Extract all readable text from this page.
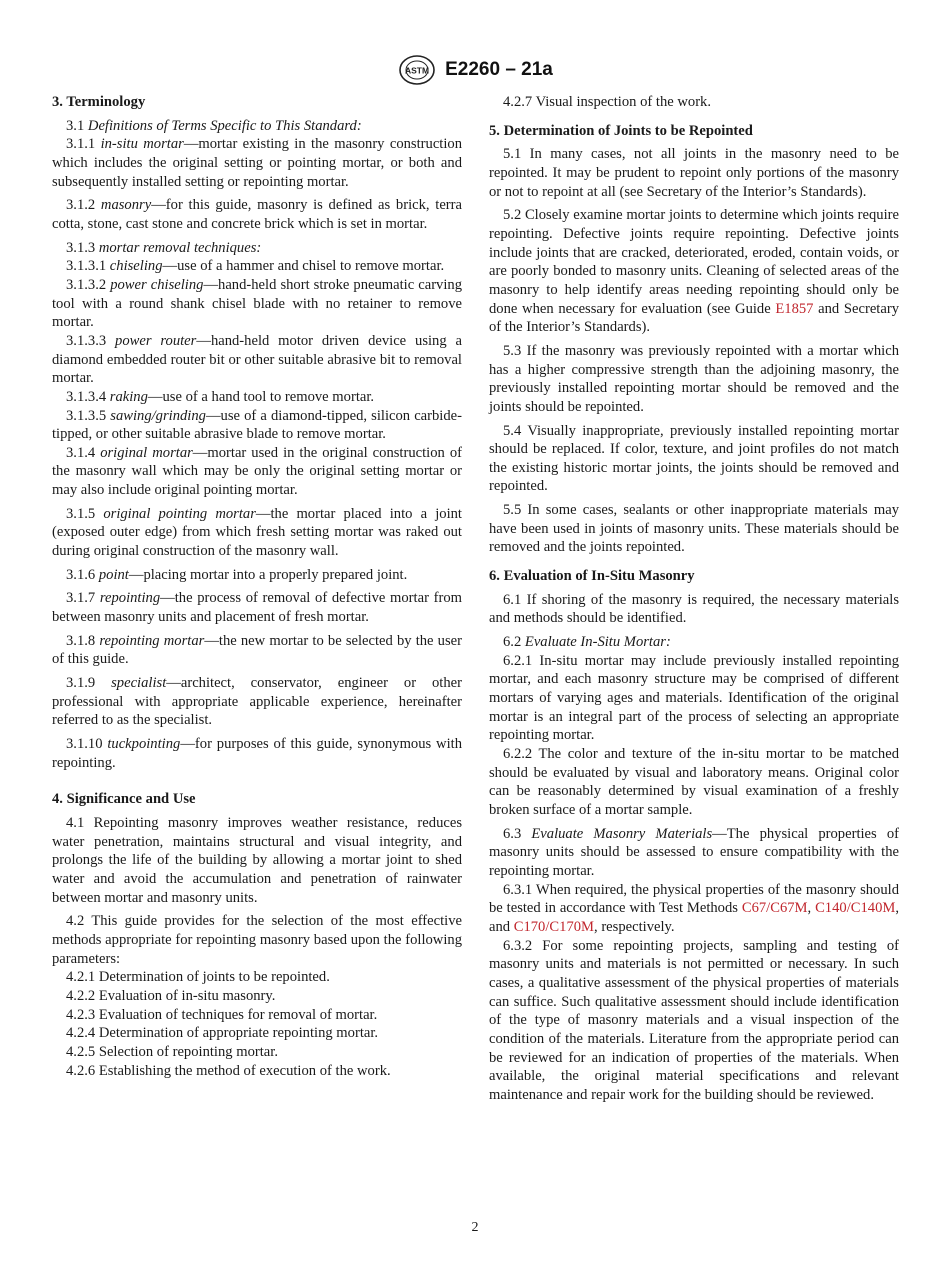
ASTM E2260 – 21a
3. Terminology

3.1 Definitions of Terms Specific to This Standard:

3.1.1 in-situ mortar—mortar existing in the masonry construction which includes the original setting or pointing mortar, or both and subsequently installed setting or repointing mortar.

3.1.2 masonry—for this guide, masonry is defined as brick, terra cotta, stone, cast stone and concrete brick which is set in mortar.

3.1.3 mortar removal techniques:

3.1.3.1 chiseling—use of a hammer and chisel to remove mortar.

3.1.3.2 power chiseling—hand-held short stroke pneumatic carving tool with a round shank chisel blade with no retainer to remove mortar.

3.1.3.3 power router—hand-held motor driven device using a diamond embedded router bit or other suitable abrasive bit to removal mortar.

3.1.3.4 raking—use of a hand tool to remove mortar.

3.1.3.5 sawing/grinding—use of a diamond-tipped, silicon carbide-tipped, or other suitable abrasive blade to remove mortar.

3.1.4 original mortar—mortar used in the original construction of the masonry wall which may be only the original setting mortar or may also include original pointing mortar.

3.1.5 original pointing mortar—the mortar placed into a joint (exposed outer edge) from which fresh setting mortar was raked out during original construction of the masonry wall.

3.1.6 point—placing mortar into a properly prepared joint.

3.1.7 repointing—the process of removal of defective mortar from between masonry units and placement of fresh mortar.

3.1.8 repointing mortar—the new mortar to be selected by the user of this guide.

3.1.9 specialist—architect, conservator, engineer or other professional with appropriate applicable experience, hereinafter referred to as the specialist.

3.1.10 tuckpointing—for purposes of this guide, synonymous with repointing.

4. Significance and Use

4.1 Repointing masonry improves weather resistance, reduces water penetration, maintains structural and visual integrity, and prolongs the life of the building by allowing a mortar joint to shed water and avoid the accumulation and penetration of rainwater between mortar and masonry units.

4.2 This guide provides for the selection of the most effective methods appropriate for repointing masonry based upon the following parameters:

4.2.1 Determination of joints to be repointed.

4.2.2 Evaluation of in-situ masonry.

4.2.3 Evaluation of techniques for removal of mortar.

4.2.4 Determination of appropriate repointing mortar.

4.2.5 Selection of repointing mortar.

4.2.6 Establishing the method of execution of the work.

4.2.7 Visual inspection of the work.

5. Determination of Joints to be Repointed

5.1 In many cases, not all joints in the masonry need to be repointed. It may be prudent to repoint only portions of the masonry or not to repoint at all (see Secretary of the Interior’s Standards).

5.2 Closely examine mortar joints to determine which joints require repointing. Defective joints require repointing. Defective joints include joints that are cracked, deteriorated, eroded, contain voids, or are poorly bonded to masonry units. Cleaning of selected areas of the masonry to help identify areas needing repointing should only be done when necessary for evaluation (see Guide E1857 and Secretary of the Interior’s Standards).

5.3 If the masonry was previously repointed with a mortar which has a higher compressive strength than the adjoining masonry, the previously installed repointing mortar should be removed and the joints should be repointed.

5.4 Visually inappropriate, previously installed repointing mortar should be replaced. If color, texture, and joint profiles do not match the existing historic mortar joints, the joints should be removed and repointed.

5.5 In some cases, sealants or other inappropriate materials may have been used in joints of masonry units. These materials should be removed and the joints repointed.

6. Evaluation of In-Situ Masonry

6.1 If shoring of the masonry is required, the necessary materials and methods should be identified.

6.2 Evaluate In-Situ Mortar:

6.2.1 In-situ mortar may include previously installed repointing mortar, and each masonry structure may be comprised of different mortars of varying ages and materials. Identification of the original mortar is an integral part of the process of selecting an appropriate repointing mortar.

6.2.2 The color and texture of the in-situ mortar to be matched should be evaluated by visual and laboratory means. Original color can be reasonably determined by visual examination of a freshly broken surface of a mortar sample.

6.3 Evaluate Masonry Materials—The physical properties of masonry units should be assessed to ensure compatibility with the repointing mortar.

6.3.1 When required, the physical properties of the masonry should be tested in accordance with Test Methods C67/C67M, C140/C140M, and C170/C170M, respectively.

6.3.2 For some repointing projects, sampling and testing of masonry units and materials is not permitted or necessary. In such cases, a qualitative assessment of the physical properties of materials can suffice. Such qualitative assessment should include identification of the type of masonry materials and a visual inspection of the condition of the materials. Literature from the appropriate period can be reviewed for an indication of properties of the materials. When available, the original material specifications and relevant maintenance and repair work for the building should be reviewed.

2
